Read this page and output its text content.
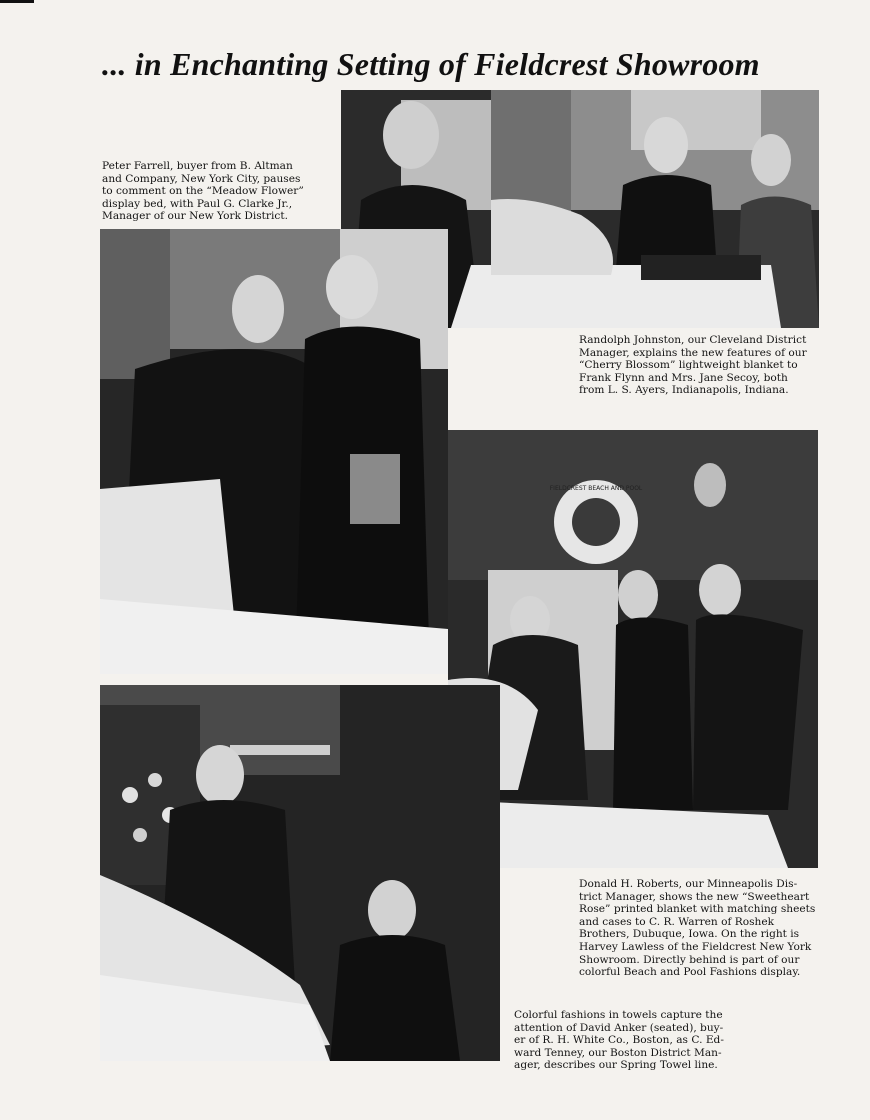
... in Enchanting Setting of Fieldcrest Showroom
Peter Farrell, buyer from B. Altman
and Company, New York City, pauses
to comment on the “Meadow Flower”
display bed, with Paul G. Clarke Jr.,
Manager of our New York District.
Randolph Johnston, our Cleveland District
Manager, explains the new features of our
“Cherry Blossom” lightweight blanket to
Frank Flynn and Mrs. Jane Secoy, both
from L. S. Ayers, Indianapolis, Indiana.
FIELDCREST BEACH AND POOL
Donald H. Roberts, our Minneapolis Dis-
trict Manager, shows the new “Sweetheart
Rose” printed blanket with matching sheets
and cases to C. R. Warren of Roshek
Brothers, Dubuque, Iowa. On the right is
Harvey Lawless of the Fieldcrest New York
Showroom. Directly behind is part of our
colorful Beach and Pool Fashions display.
Colorful fashions in towels capture the
attention of David Anker (seated), buy-
er of R. H. White Co., Boston, as C. Ed-
ward Tenney, our Boston District Man-
ager, describes our Spring Towel line.
